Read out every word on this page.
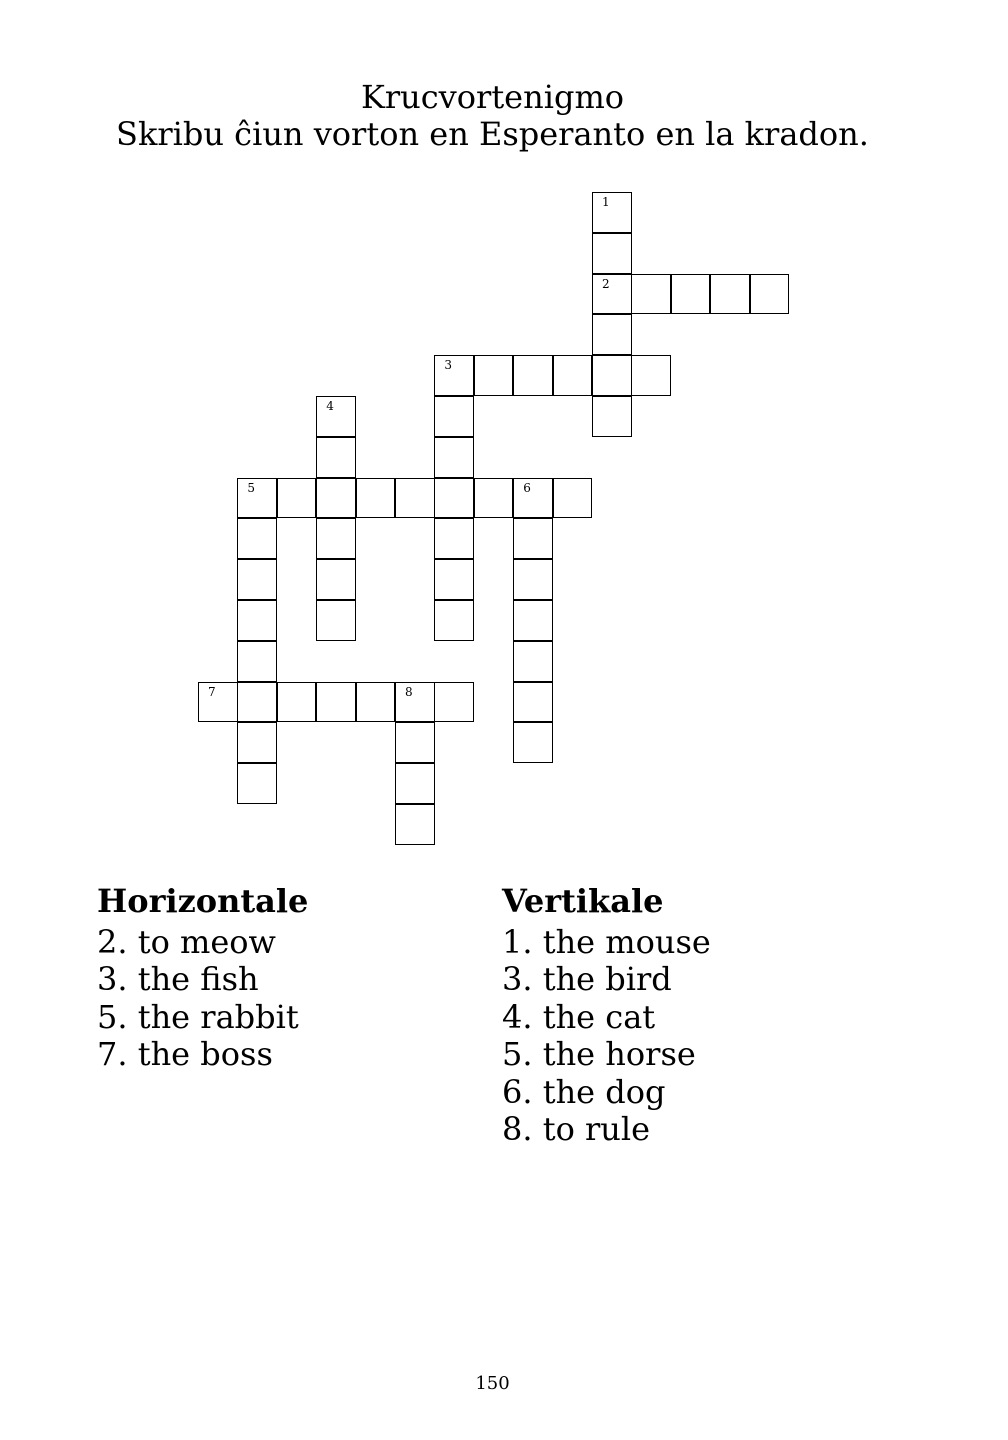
Krucvortenigmo
Skribu ĉiun vorton en Esperanto en la kradon.
1
2
3
4
5	6
7	8
Horizontale
2. to meow
3. the fish
5. the rabbit
7. the boss
Vertikale
1. the mouse
3. the bird
4. the cat
5. the horse
6. the dog
8. to rule
150
